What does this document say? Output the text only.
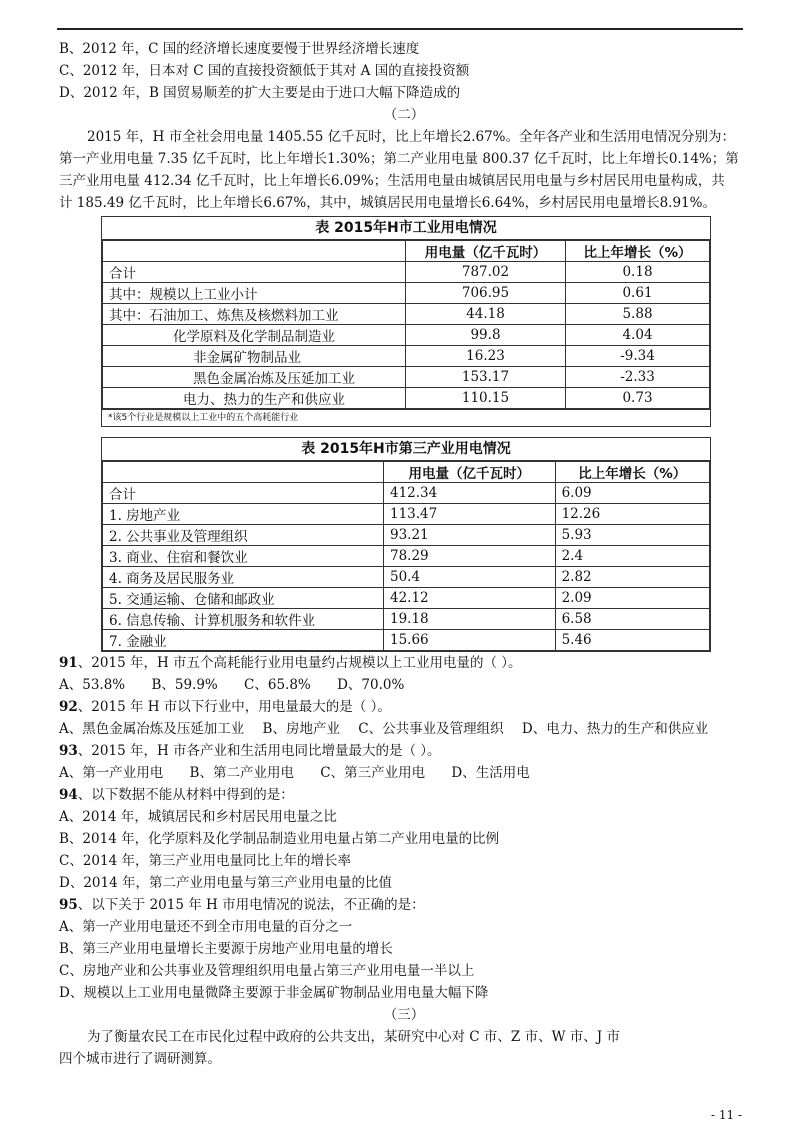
B、2012 年，C 国的经济增长速度要慢于世界经济增长速度
C、2012 年，日本对 C 国的直接投资额低于其对 A 国的直接投资额
D、2012 年，B 国贸易顺差的扩大主要是由于进口大幅下降造成的
（二）
2015 年，H 市全社会用电量 1405.55 亿千瓦时，比上年增长2.67%。全年各产业和生活用电情况分别为：
第一产业用电量 7.35 亿千瓦时，比上年增长1.30%；第二产业用电量 800.37 亿千瓦时，比上年增长0.14%；第
三产业用电量 412.34 亿千瓦时，比上年增长6.09%；生活用电量由城镇居民用电量与乡村居民用电量构成，共
计 185.49 亿千瓦时，比上年增长6.67%，其中，城镇居民用电量增长6.64%，乡村居民用电量增长8.91%。
表 2015年H市工业用电情况
	用电量（亿千瓦时）	比上年增长（%）
合计	787.02	0.18
其中：规模以上工业小计	706.95	0.61
其中：石油加工、炼焦及核燃料加工业	44.18	5.88
化学原料及化学制品制造业	99.8	4.04
非金属矿物制品业	16.23	-9.34
黑色金属冶炼及压延加工业	153.17	-2.33
电力、热力的生产和供应业	110.15	0.73
*该5个行业是规模以上工业中的五个高耗能行业
表 2015年H市第三产业用电情况
	用电量（亿千瓦时）	比上年增长（%）
合计	412.34	6.09
1. 房地产业	113.47	12.26
2. 公共事业及管理组织	93.21	5.93
3. 商业、住宿和餐饮业	78.29	2.4
4. 商务及居民服务业	50.4	2.82
5. 交通运输、仓储和邮政业	42.12	2.09
6. 信息传输、计算机服务和软件业	19.18	6.58
7. 金融业	15.66	5.46
91、2015 年，H 市五个高耗能行业用电量约占规模以上工业用电量的（ ）。
A、53.8% B、59.9% C、65.8% D、70.0%
92、2015 年 H 市以下行业中，用电量最大的是（ ）。
A、黑色金属冶炼及压延加工业 B、房地产业 C、公共事业及管理组织 D、电力、热力的生产和供应业
93、2015 年，H 市各产业和生活用电同比增量最大的是（ ）。
A、第一产业用电 B、第二产业用电 C、第三产业用电 D、生活用电
94、以下数据不能从材料中得到的是：
A、2014 年，城镇居民和乡村居民用电量之比
B、2014 年，化学原料及化学制品制造业用电量占第二产业用电量的比例
C、2014 年，第三产业用电量同比上年的增长率
D、2014 年，第二产业用电量与第三产业用电量的比值
95、以下关于 2015 年 H 市用电情况的说法，不正确的是：
A、第一产业用电量还不到全市用电量的百分之一
B、第三产业用电量增长主要源于房地产业用电量的增长
C、房地产业和公共事业及管理组织用电量占第三产业用电量一半以上
D、规模以上工业用电量微降主要源于非金属矿物制品业用电量大幅下降
（三）
为了衡量农民工在市民化过程中政府的公共支出，某研究中心对 C 市、Z 市、W 市、J 市
四个城市进行了调研测算。
- 11 -
